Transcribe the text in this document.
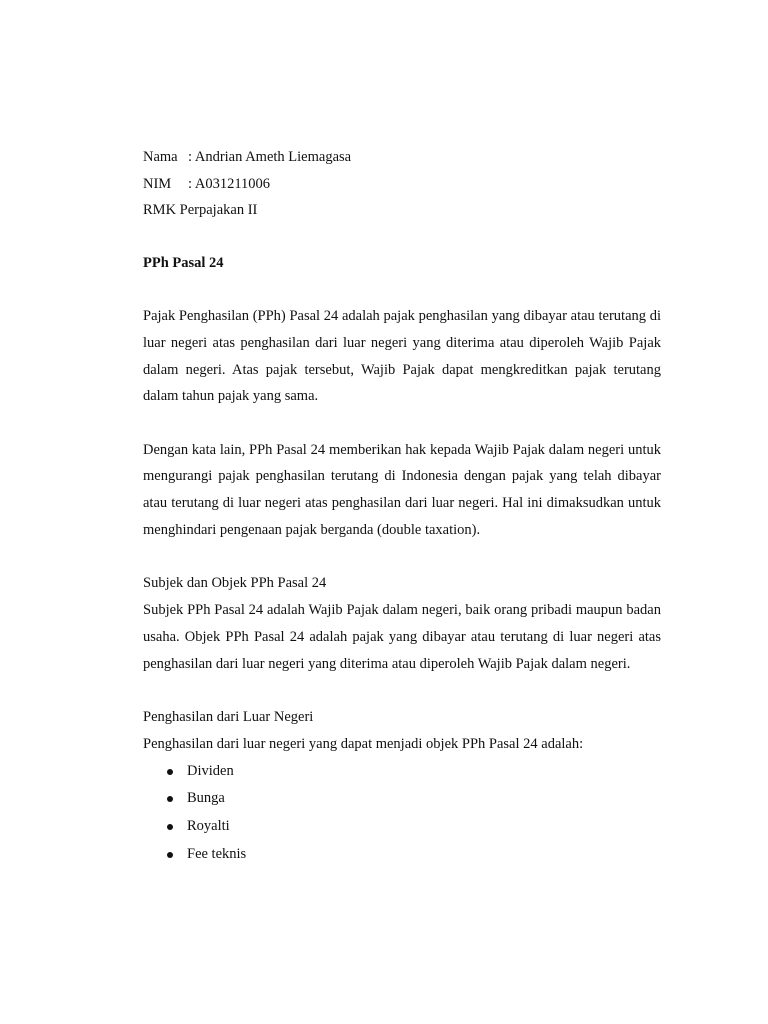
Nama : Andrian Ameth Liemagasa
NIM	: A031211006
RMK Perpajakan II
PPh Pasal 24

Pajak Penghasilan (PPh) Pasal 24 adalah pajak penghasilan yang dibayar atau terutang di luar negeri atas penghasilan dari luar negeri yang diterima atau diperoleh Wajib Pajak dalam negeri. Atas pajak tersebut, Wajib Pajak dapat mengkreditkan pajak terutang dalam tahun pajak yang sama.

Dengan kata lain, PPh Pasal 24 memberikan hak kepada Wajib Pajak dalam negeri untuk mengurangi pajak penghasilan terutang di Indonesia dengan pajak yang telah dibayar atau terutang di luar negeri atas penghasilan dari luar negeri. Hal ini dimaksudkan untuk menghindari pengenaan pajak berganda (double taxation).

Subjek dan Objek PPh Pasal 24

Subjek PPh Pasal 24 adalah Wajib Pajak dalam negeri, baik orang pribadi maupun badan usaha. Objek PPh Pasal 24 adalah pajak yang dibayar atau terutang di luar negeri atas penghasilan dari luar negeri yang diterima atau diperoleh Wajib Pajak dalam negeri.

Penghasilan dari Luar Negeri
Penghasilan dari luar negeri yang dapat menjadi objek PPh Pasal 24 adalah:
Dividen
Bunga
Royalti
Fee teknis
